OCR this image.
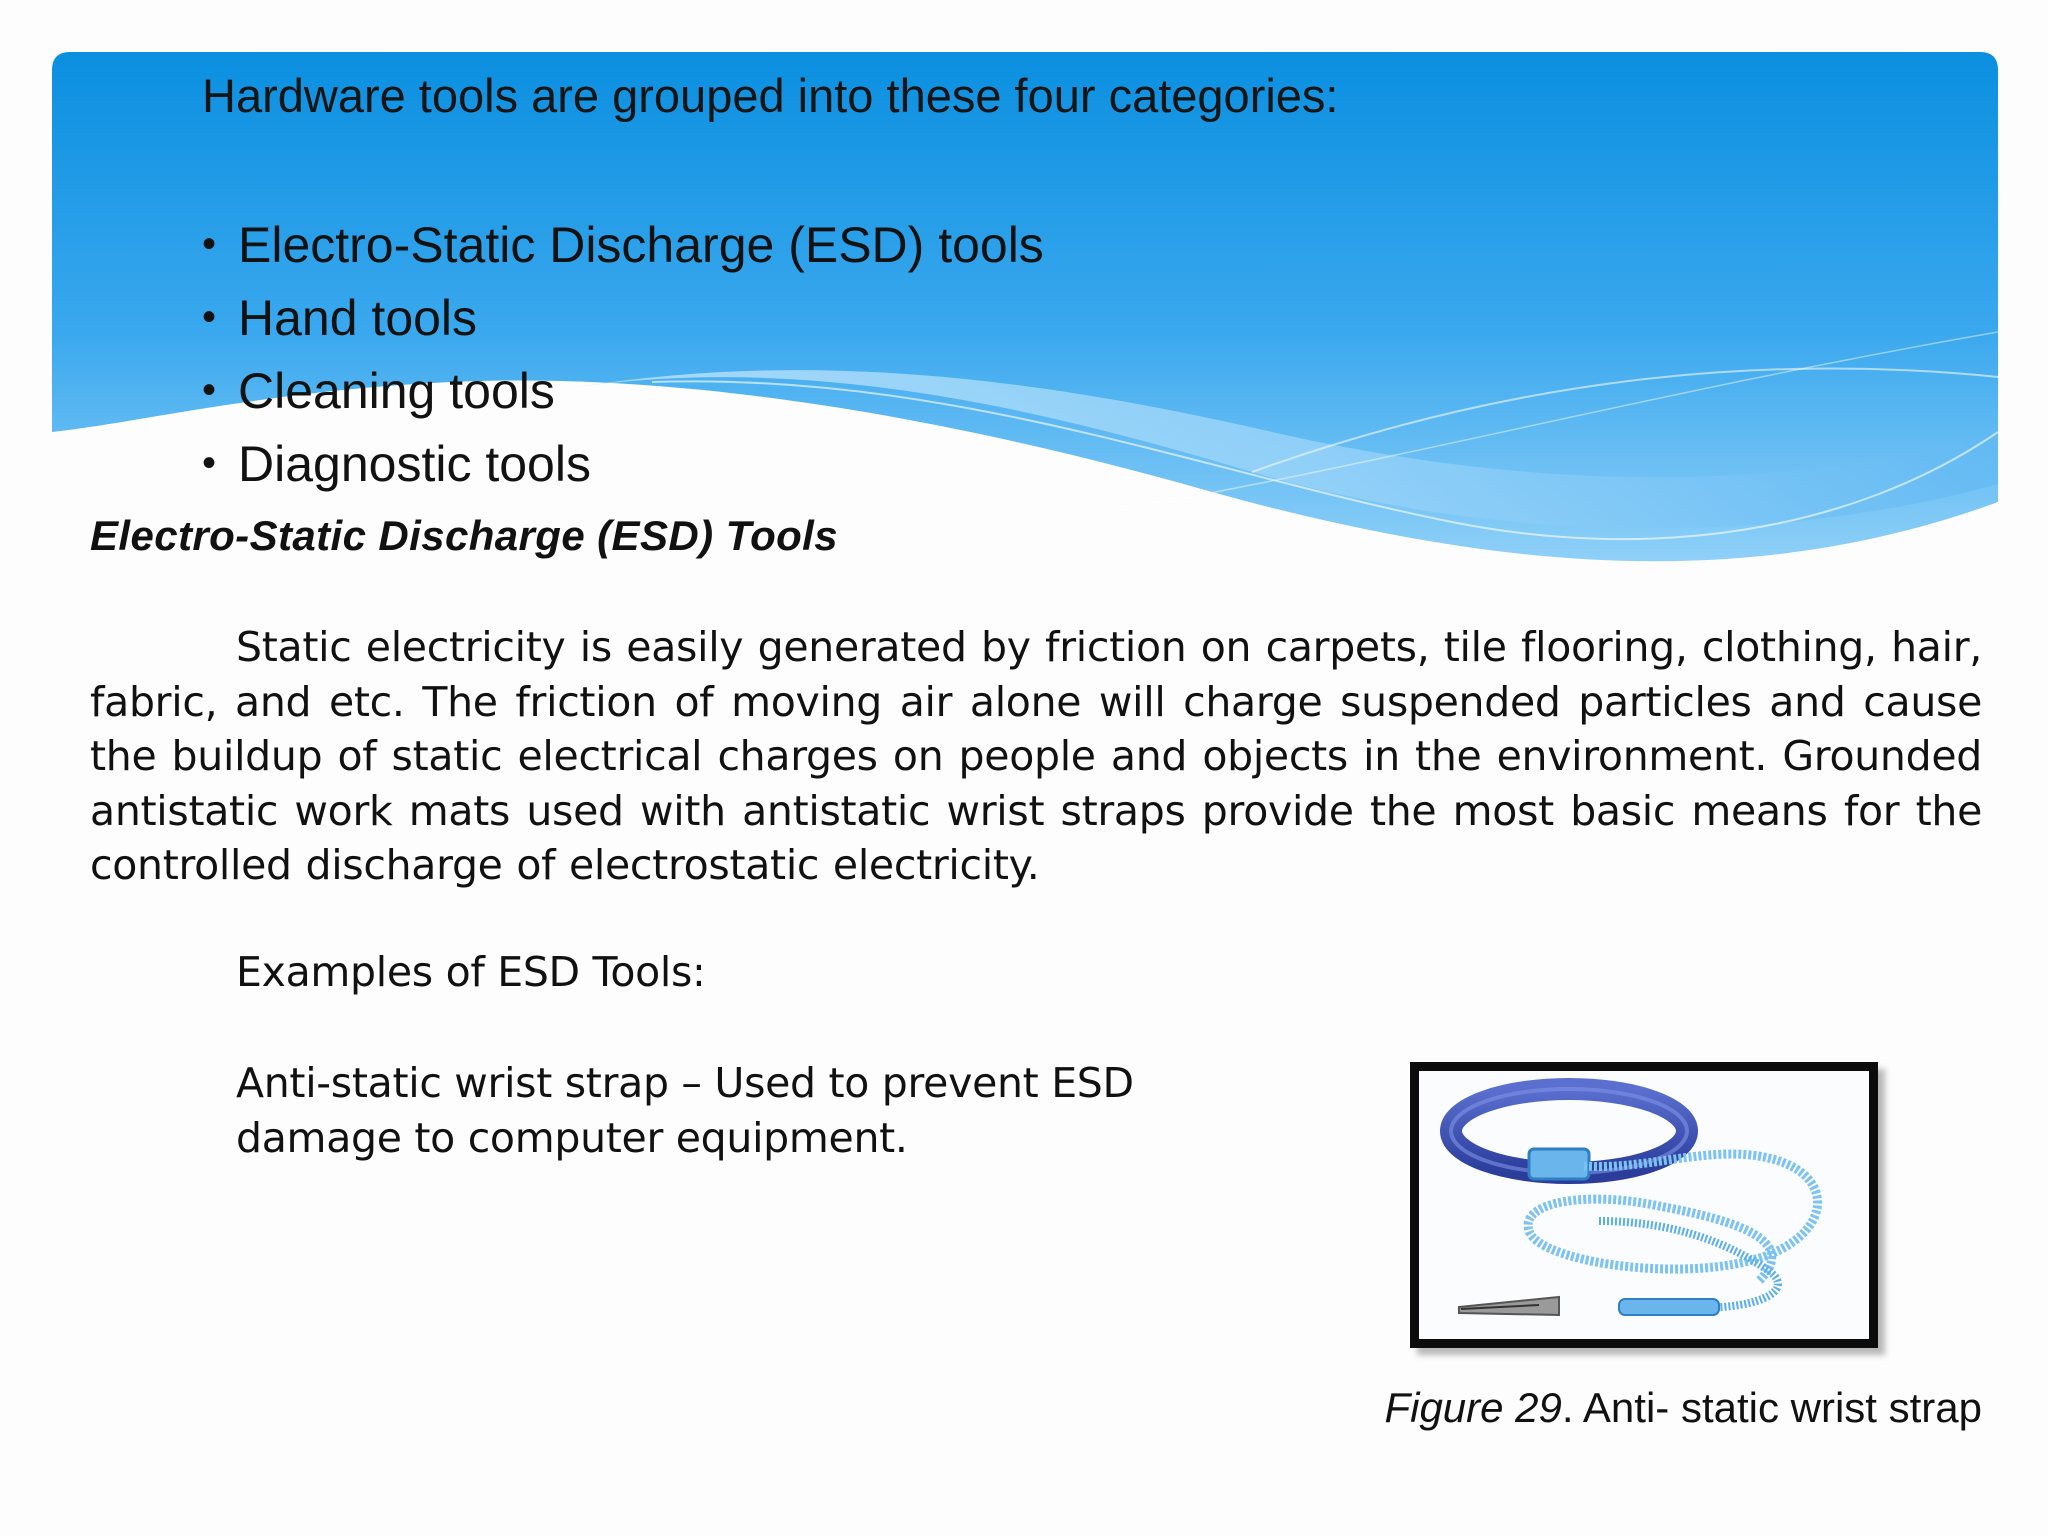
Hardware tools are grouped into these four categories:
• Electro-Static Discharge (ESD) tools
• Hand tools
• Cleaning tools
• Diagnostic tools
Electro-Static Discharge (ESD) Tools

Static electricity is easily generated by friction on carpets, tile flooring, clothing, hair, fabric, and etc. The friction of moving air alone will charge suspended particles and cause the buildup of static electrical charges on people and objects in the environment. Grounded antistatic work mats used with antistatic wrist straps provide the most basic means for the controlled discharge of electrostatic electricity.

Examples of ESD Tools:

Anti-static wrist strap – Used to prevent ESD
damage to computer equipment.

Figure 29. Anti- static wrist strap
